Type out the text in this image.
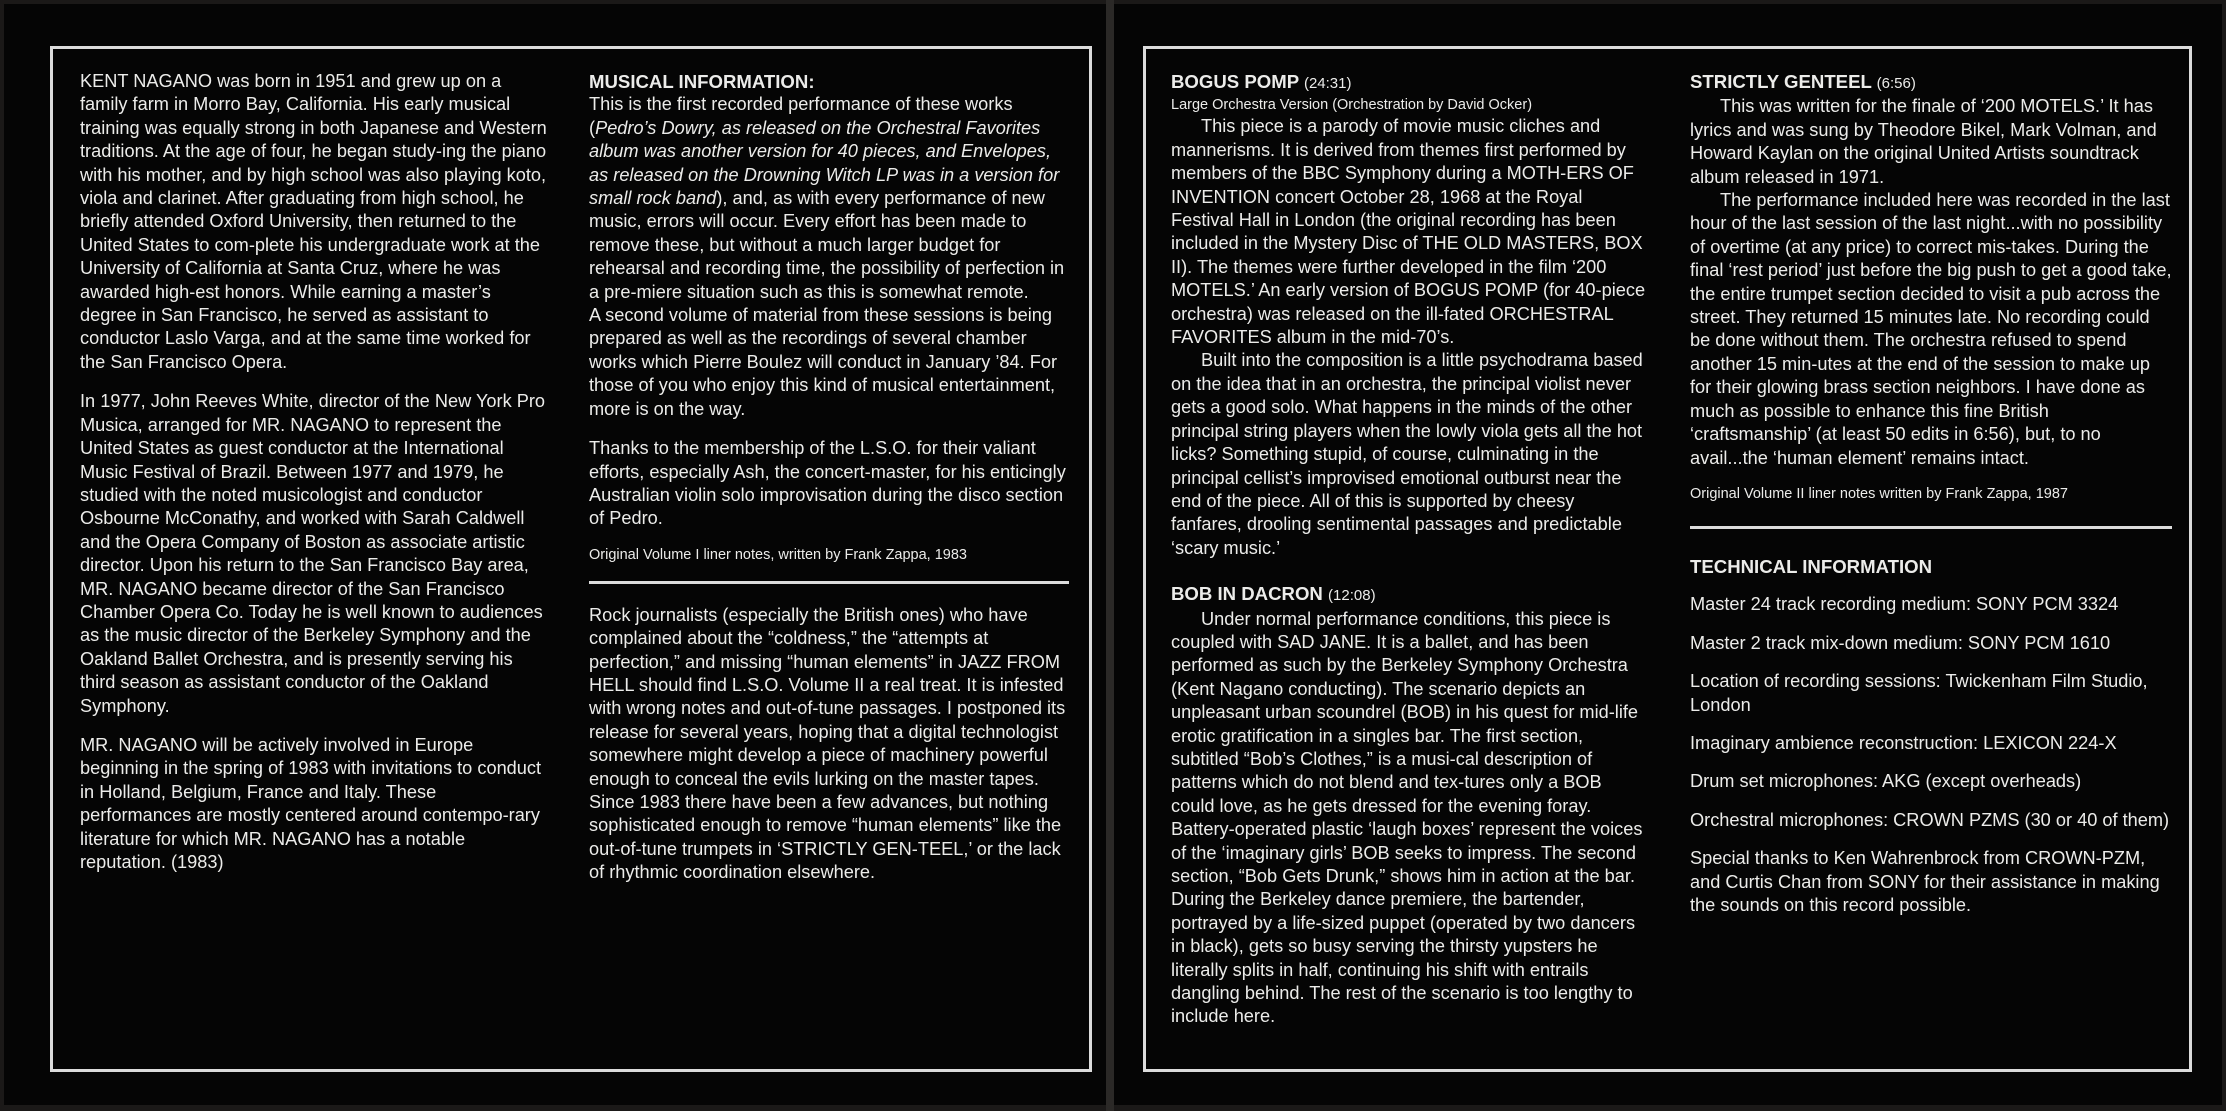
KENT NAGANO was born in 1951 and grew up on a family farm in Morro Bay, California. His early musical training was equally strong in both Japanese and Western traditions. At the age of four, he began study-ing the piano with his mother, and by high school was also playing koto, viola and clarinet. After graduating from high school, he briefly attended Oxford University, then returned to the United States to com-plete his undergraduate work at the University of California at Santa Cruz, where he was awarded high-est honors. While earning a master’s degree in San Francisco, he served as assistant to conductor Laslo Varga, and at the same time worked for the San Francisco Opera.

In 1977, John Reeves White, director of the New York Pro Musica, arranged for MR. NAGANO to represent the United States as guest conductor at the International Music Festival of Brazil. Between 1977 and 1979, he studied with the noted musicologist and conductor Osbourne McConathy, and worked with Sarah Caldwell and the Opera Company of Boston as associate artistic director. Upon his return to the San Francisco Bay area, MR. NAGANO became director of the San Francisco Chamber Opera Co. Today he is well known to audiences as the music director of the Berkeley Symphony and the Oakland Ballet Orchestra, and is presently serving his third season as assistant conductor of the Oakland Symphony.

MR. NAGANO will be actively involved in Europe beginning in the spring of 1983 with invitations to conduct in Holland, Belgium, France and Italy. These performances are mostly centered around contempo-rary literature for which MR. NAGANO has a notable reputation. (1983)

MUSICAL INFORMATION:

This is the first recorded performance of these works (Pedro’s Dowry, as released on the Orchestral Favorites album was another version for 40 pieces, and Envelopes, as released on the Drowning Witch LP was in a version for small rock band), and, as with every performance of new music, errors will occur. Every effort has been made to remove these, but without a much larger budget for rehearsal and recording time, the possibility of perfection in a pre-miere situation such as this is somewhat remote.

A second volume of material from these sessions is being prepared as well as the recordings of several chamber works which Pierre Boulez will conduct in January ’84. For those of you who enjoy this kind of musical entertainment, more is on the way.

Thanks to the membership of the L.S.O. for their valiant efforts, especially Ash, the concert-master, for his enticingly Australian violin solo improvisation during the disco section of Pedro.

Original Volume I liner notes, written by Frank Zappa, 1983

Rock journalists (especially the British ones) who have complained about the “coldness,” the “attempts at perfection,” and missing “human elements” in JAZZ FROM HELL should find L.S.O. Volume II a real treat. It is infested with wrong notes and out-of-tune passages. I postponed its release for several years, hoping that a digital technologist somewhere might develop a piece of machinery powerful enough to conceal the evils lurking on the master tapes. Since 1983 there have been a few advances, but nothing sophisticated enough to remove “human elements” like the out-of-tune trumpets in ‘STRICTLY GEN-TEEL,’ or the lack of rhythmic coordination elsewhere.

BOGUS POMP (24:31)

Large Orchestra Version (Orchestration by David Ocker)

This piece is a parody of movie music cliches and mannerisms. It is derived from themes first performed by members of the BBC Symphony during a MOTH-ERS OF INVENTION concert October 28, 1968 at the Royal Festival Hall in London (the original recording has been included in the Mystery Disc of THE OLD MASTERS, BOX II). The themes were further developed in the film ‘200 MOTELS.’ An early version of BOGUS POMP (for 40-piece orchestra) was released on the ill-fated ORCHESTRAL FAVORITES album in the mid-70’s.

Built into the composition is a little psychodrama based on the idea that in an orchestra, the principal violist never gets a good solo. What happens in the minds of the other principal string players when the lowly viola gets all the hot licks? Something stupid, of course, culminating in the principal cellist’s improvised emotional outburst near the end of the piece. All of this is supported by cheesy fanfares, drooling sentimental passages and predictable ‘scary music.’

BOB IN DACRON (12:08)

Under normal performance conditions, this piece is coupled with SAD JANE. It is a ballet, and has been performed as such by the Berkeley Symphony Orchestra (Kent Nagano conducting). The scenario depicts an unpleasant urban scoundrel (BOB) in his quest for mid-life erotic gratification in a singles bar. The first section, subtitled “Bob’s Clothes,” is a musi-cal description of patterns which do not blend and tex-tures only a BOB could love, as he gets dressed for the evening foray. Battery-operated plastic ‘laugh boxes’ represent the voices of the ‘imaginary girls’ BOB seeks to impress. The second section, “Bob Gets Drunk,” shows him in action at the bar. During the Berkeley dance premiere, the bartender, portrayed by a life-sized puppet (operated by two dancers in black), gets so busy serving the thirsty yupsters he literally splits in half, continuing his shift with entrails dangling behind. The rest of the scenario is too lengthy to include here.

STRICTLY GENTEEL (6:56)

This was written for the finale of ‘200 MOTELS.’ It has lyrics and was sung by Theodore Bikel, Mark Volman, and Howard Kaylan on the original United Artists soundtrack album released in 1971.

The performance included here was recorded in the last hour of the last session of the last night...with no possibility of overtime (at any price) to correct mis-takes. During the final ‘rest period’ just before the big push to get a good take, the entire trumpet section decided to visit a pub across the street. They returned 15 minutes late. No recording could be done without them. The orchestra refused to spend another 15 min-utes at the end of the session to make up for their glowing brass section neighbors. I have done as much as possible to enhance this fine British ‘craftsmanship’ (at least 50 edits in 6:56), but, to no avail...the ‘human element’ remains intact.

Original Volume II liner notes written by Frank Zappa, 1987

TECHNICAL INFORMATION

Master 24 track recording medium: SONY PCM 3324

Master 2 track mix-down medium: SONY PCM 1610

Location of recording sessions: Twickenham Film Studio, London

Imaginary ambience reconstruction: LEXICON 224-X

Drum set microphones: AKG (except overheads)

Orchestral microphones: CROWN PZMS (30 or 40 of them)

Special thanks to Ken Wahrenbrock from CROWN-PZM, and Curtis Chan from SONY for their assistance in making the sounds on this record possible.
